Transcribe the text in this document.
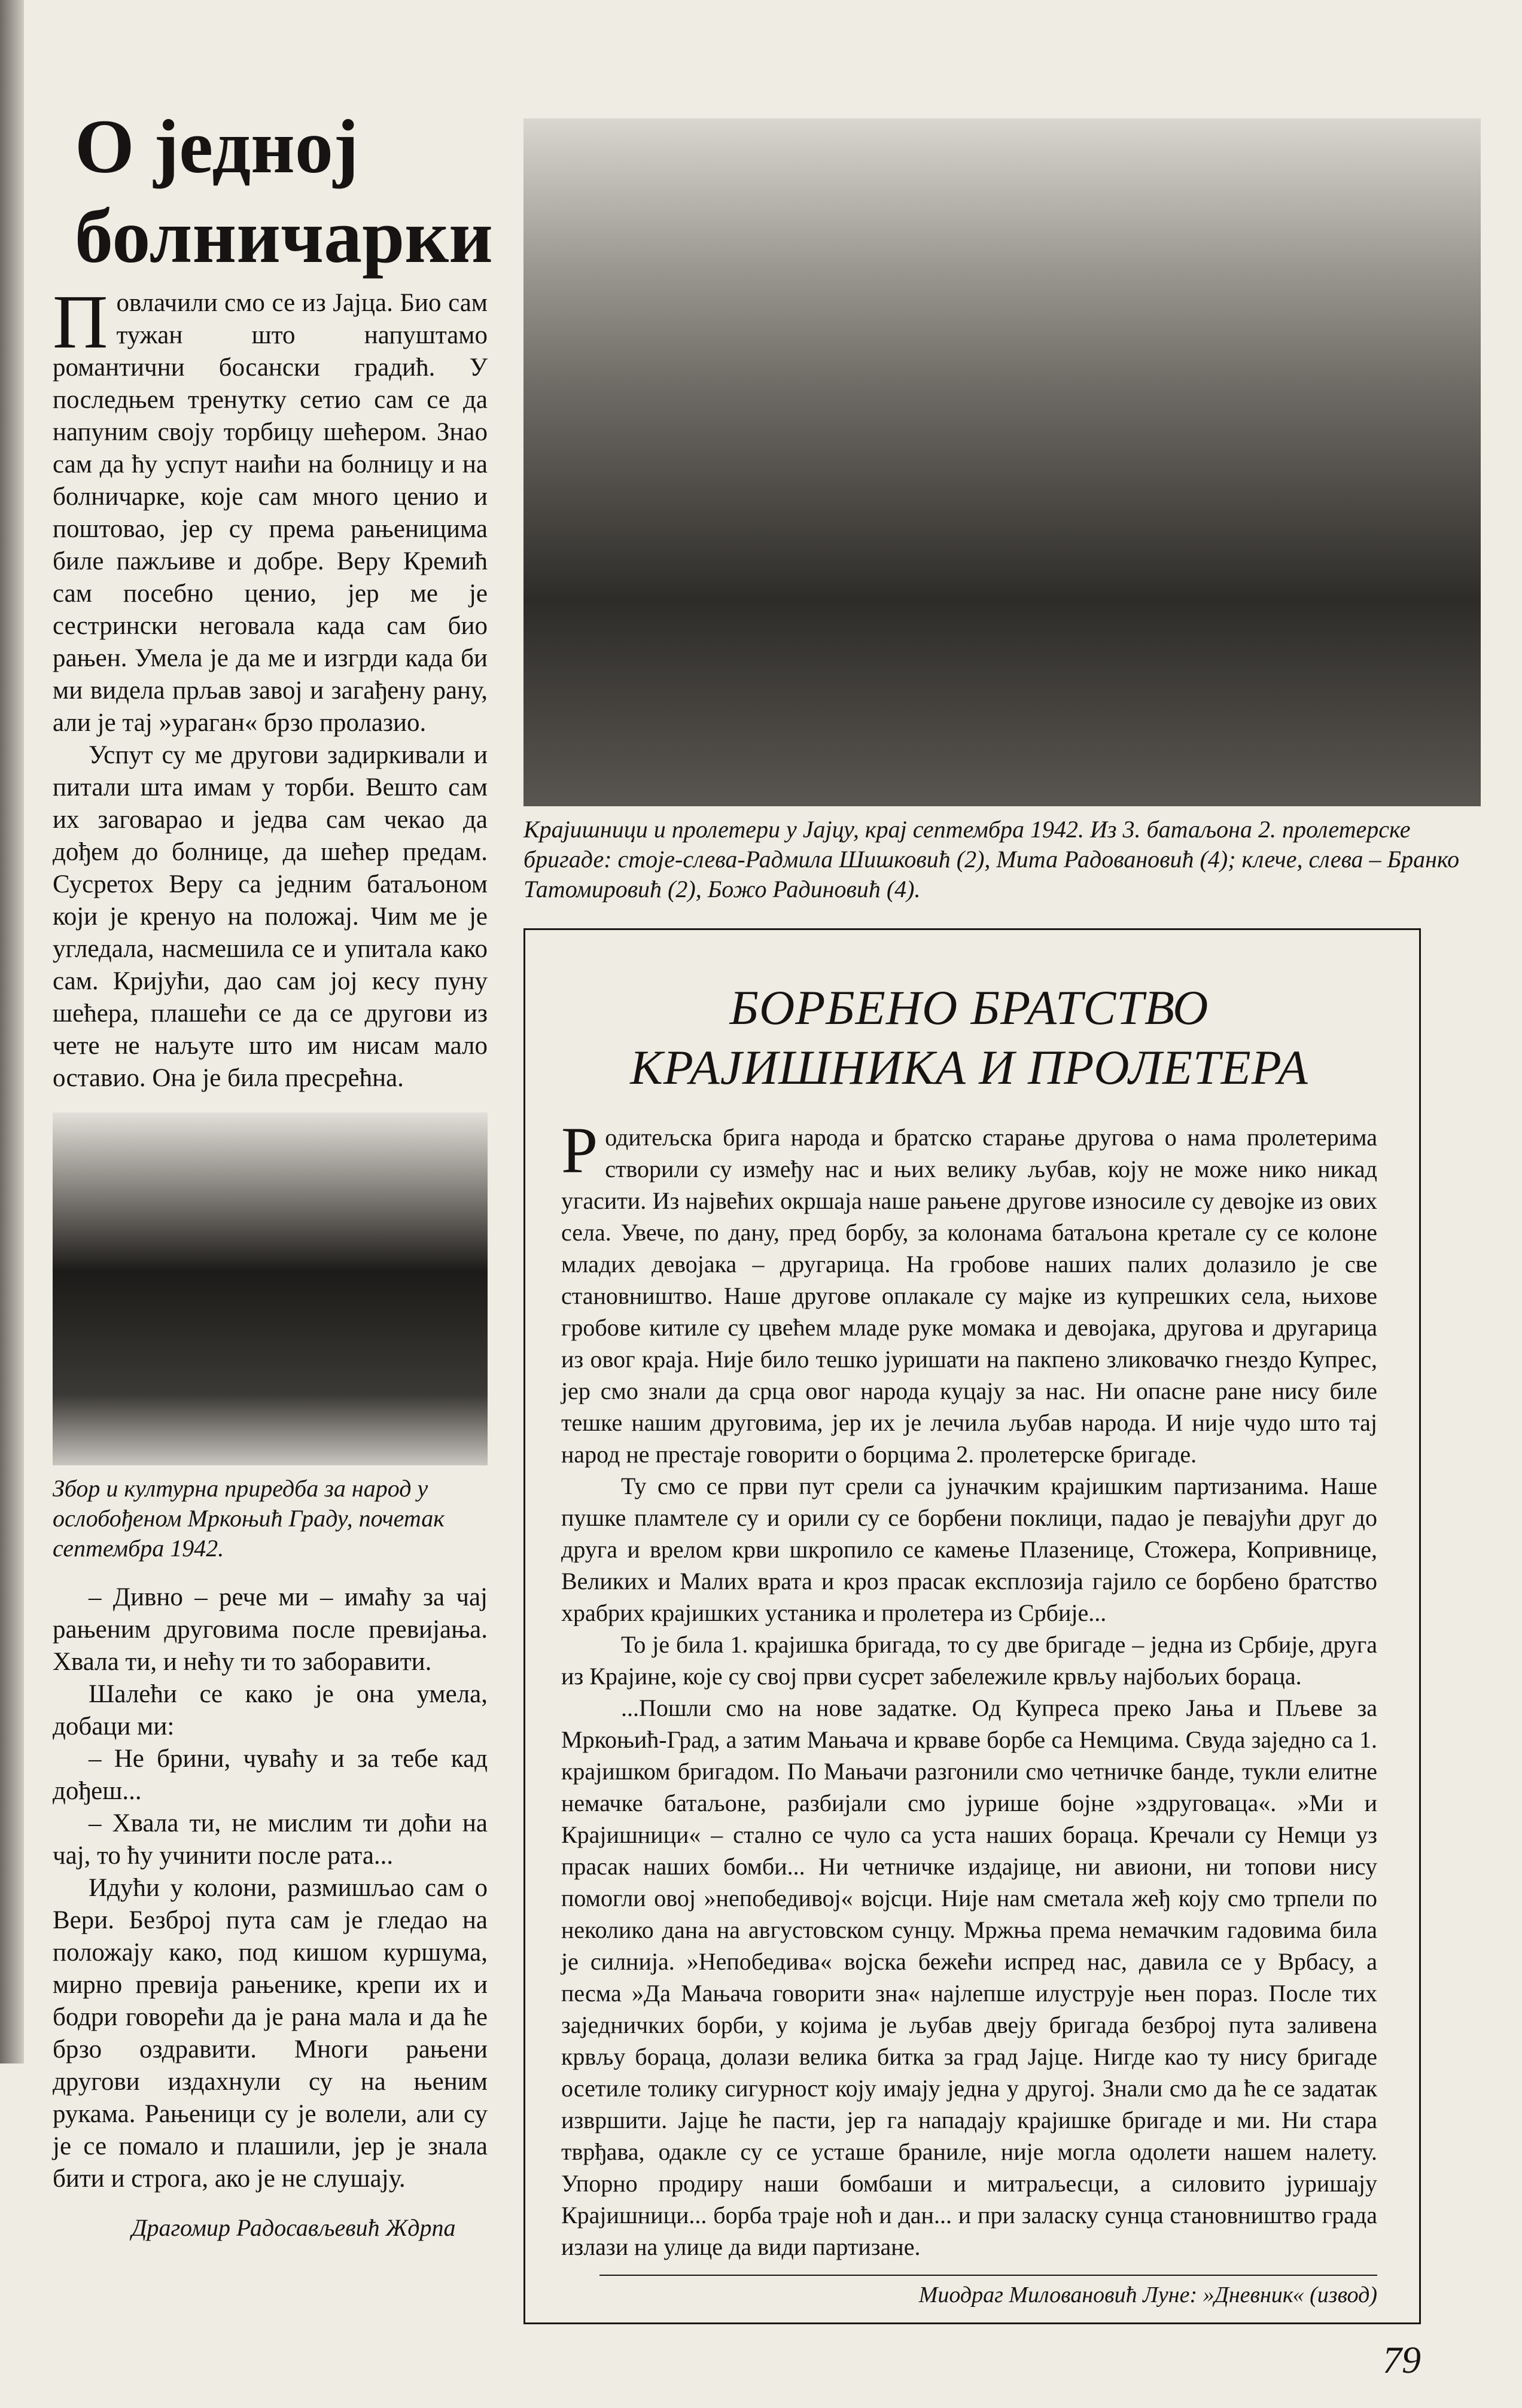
О једној болничарки

Повлачили смо се из Јајца. Био сам тужан што напуштамо романтични босански градић. У последњем тренутку сетио сам се да напуним своју торбицу шећером. Знао сам да ћу успут наићи на болницу и на болничарке, које сам много ценио и поштовао, јер су према рањеницима биле пажљиве и добре. Веру Кремић сам посебно ценио, јер ме је сестрински неговала када сам био рањен. Умела је да ме и изгрди када би ми видела прљав завој и загађену рану, али је тај »ураган« брзо пролазио.

Успут су ме другови задиркивали и питали шта имам у торби. Вешто сам их заговарао и једва сам чекао да дођем до болнице, да шећер предам. Сусретох Веру са једним батаљоном који је кренуо на положај. Чим ме је угледала, насмешила се и упитала како сам. Кријући, дао сам јој кесу пуну шећера, плашећи се да се другови из чете не наљуте што им нисам мало оставио. Она је била пресрећна.

Збор и културна приредба за народ у ослобођеном Мркоњић Граду, почетак септембра 1942.

– Дивно – рече ми – имаћу за чај рањеним друговима после превијања. Хвала ти, и нећу ти то заборавити.

Шалећи се како је она умела, добаци ми:

– Не брини, чуваћу и за тебе кад дођеш...

– Хвала ти, не мислим ти доћи на чај, то ћу учинити после рата...

Идући у колони, размишљао сам о Вери. Безброј пута сам је гледао на положају како, под кишом куршума, мирно превија рањенике, крепи их и бодри говорећи да је рана мала и да ће брзо оздравити. Многи рањени другови издахнули су на њеним рукама. Рањеници су је волели, али су је се помало и плашили, јер је знала бити и строга, ако је не слушају.

Драгомир Радосављевић Ждрпа
Крајишници и пролетери у Јајцу, крај септембра 1942. Из 3. батаљона 2. пролетерске бригаде: стоје-слева-Радмила Шишковић (2), Мита Радовановић (4); клече, слева – Бранко Татомировић (2), Божо Радиновић (4).
БОРБЕНО БРАТСТВО
КРАЈИШНИКА И ПРОЛЕТЕРА

Родитељска брига народа и братско старање другова о нама пролетерима створили су између нас и њих велику љубав, коју не може нико никад угасити. Из највећих окршаја наше рањене другове износиле су девојке из ових села. Увече, по дану, пред борбу, за колонама батаљона кретале су се колоне младих девојака – другарица. На гробове наших палих долазило је све становништво. Наше другове оплакале су мајке из купрешких села, њихове гробове китиле су цвећем младе руке момака и девојака, другова и другарица из овог краја. Није било тешко јуришати на пакпено зликовачко гнездо Купрес, јер смо знали да срца овог народа куцају за нас. Ни опасне ране нису биле тешке нашим друговима, јер их је лечила љубав народа. И није чудо што тај народ не престаје говорити о борцима 2. пролетерске бригаде.

Ту смо се први пут срели са јуначким крајишким партизанима. Наше пушке пламтеле су и орили су се борбени поклици, падао је певајући друг до друга и врелом крви шкропило се камење Плазенице, Стожера, Копривнице, Великих и Малих врата и кроз прасак експлозија гајило се борбено братство храбрих крајишких устаника и пролетера из Србије...

То је била 1. крајишка бригада, то су две бригаде – једна из Србије, друга из Крајине, које су свој први сусрет забележиле крвљу најбољих бораца.

...Пошли смо на нове задатке. Од Купреса преко Јања и Пљеве за Мркоњић-Град, а затим Мањача и крваве борбе са Немцима. Свуда заједно са 1. крајишком бригадом. По Мањачи разгонили смо четничке банде, тукли елитне немачке батаљоне, разбијали смо јурише бојне »здруговаца«. »Ми и Крајишници« – стално се чуло са уста наших бораца. Кречали су Немци уз прасак наших бомби... Ни четничке издајице, ни авиони, ни топови нису помогли овој »непобедивој« војсци. Није нам сметала жеђ коју смо трпели по неколико дана на августовском сунцу. Мржња према немачким гадовима била је силнија. »Непобедива« војска бежећи испред нас, давила се у Врбасу, а песма »Да Мањача говорити зна« најлепше илуструје њен пораз. После тих заједничких борби, у којима је љубав двеју бригада безброј пута заливена крвљу бораца, долази велика битка за град Јајце. Нигде као ту нису бригаде осетиле толику сигурност коју имају једна у другој. Знали смо да ће се задатак извршити. Јајце ће пасти, јер га нападају крајишке бригаде и ми. Ни стара тврђава, одакле су се усташе браниле, није могла одолети нашем налету. Упорно продиру наши бомбаши и митраљесци, а силовито јуришају Крајишници... борба траје ноћ и дан... и при заласку сунца становништво града излази на улице да види партизане.

Миодраг Миловановић Луне: »Дневник« (извод)
79
